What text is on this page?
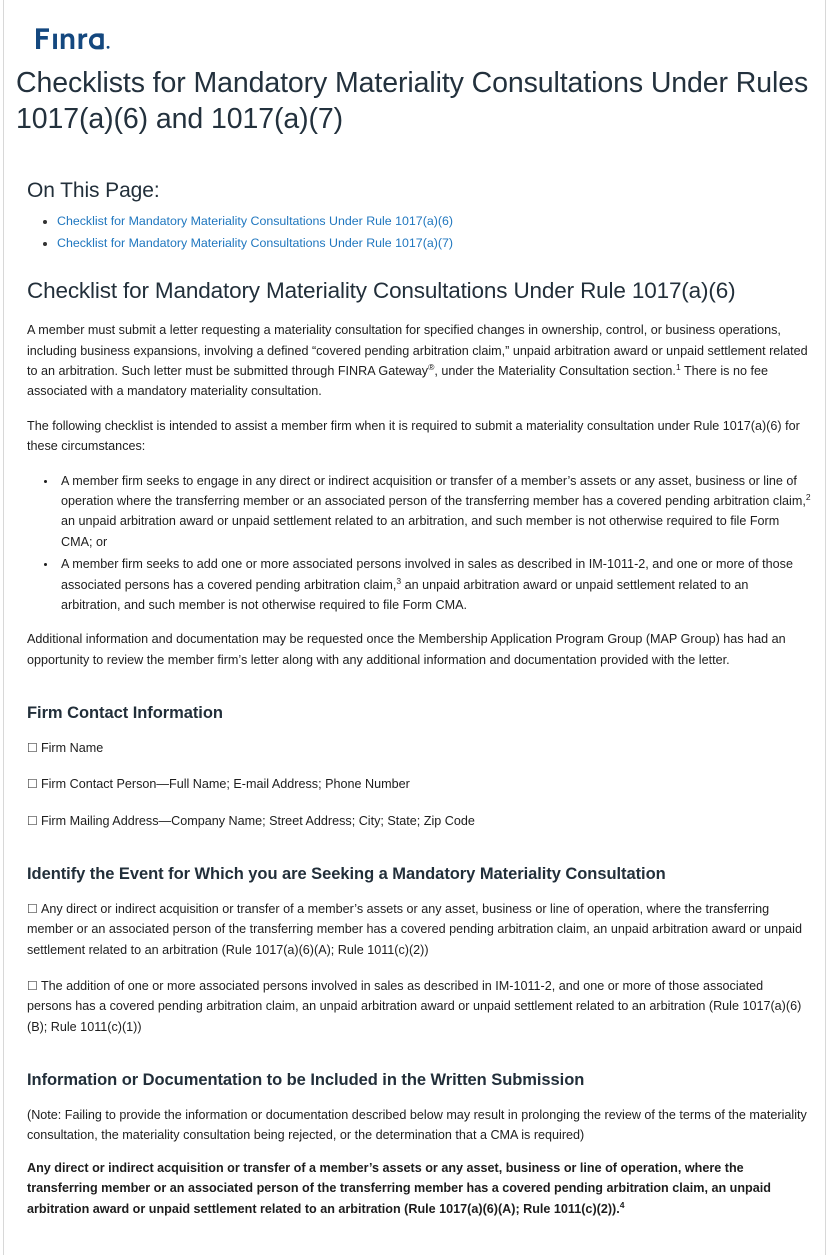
Checklists for Mandatory Materiality Consultations Under Rules 1017(a)(6) and 1017(a)(7)
On This Page:
• Checklist for Mandatory Materiality Consultations Under Rule 1017(a)(6)
• Checklist for Mandatory Materiality Consultations Under Rule 1017(a)(7)
Checklist for Mandatory Materiality Consultations Under Rule 1017(a)(6)

A member must submit a letter requesting a materiality consultation for specified changes in ownership, control, or business operations, including business expansions, involving a defined “covered pending arbitration claim,” unpaid arbitration award or unpaid settlement related to an arbitration. Such letter must be submitted through FINRA Gateway®, under the Materiality Consultation section.$^1$ There is no fee associated with a mandatory materiality consultation.

The following checklist is intended to assist a member firm when it is required to submit a materiality consultation under Rule 1017(a)(6) for these circumstances:

• A member firm seeks to engage in any direct or indirect acquisition or transfer of a member’s assets or any asset, business or line of operation where the transferring member or an associated person of the transferring member has a covered pending arbitration claim,$^2$ an unpaid arbitration award or unpaid settlement related to an arbitration, and such member is not otherwise required to file Form CMA; or
• A member firm seeks to add one or more associated persons involved in sales as described in IM-1011-2, and one or more of those associated persons has a covered pending arbitration claim,$^3$ an unpaid arbitration award or unpaid settlement related to an arbitration, and such member is not otherwise required to file Form CMA.

Additional information and documentation may be requested once the Membership Application Program Group (MAP Group) has had an opportunity to review the member firm’s letter along with any additional information and documentation provided with the letter.

Firm Contact Information

☐ Firm Name

☐ Firm Contact Person—Full Name; E-mail Address; Phone Number

☐ Firm Mailing Address—Company Name; Street Address; City; State; Zip Code

Identify the Event for Which you are Seeking a Mandatory Materiality Consultation

☐ Any direct or indirect acquisition or transfer of a member’s assets or any asset, business or line of operation, where the transferring member or an associated person of the transferring member has a covered pending arbitration claim, an unpaid arbitration award or unpaid settlement related to an arbitration (Rule 1017(a)(6)(A); Rule 1011(c)(2))

☐ The addition of one or more associated persons involved in sales as described in IM-1011-2, and one or more of those associated persons has a covered pending arbitration claim, an unpaid arbitration award or unpaid settlement related to an arbitration (Rule 1017(a)(6)(B); Rule 1011(c)(1))

Information or Documentation to be Included in the Written Submission

(Note: Failing to provide the information or documentation described below may result in prolonging the review of the terms of the materiality consultation, the materiality consultation being rejected, or the determination that a CMA is required)

Any direct or indirect acquisition or transfer of a member’s assets or any asset, business or line of operation, where the transferring member or an associated person of the transferring member has a covered pending arbitration claim, an unpaid arbitration award or unpaid settlement related to an arbitration (Rule 1017(a)(6)(A); Rule 1011(c)(2)).$^4$
